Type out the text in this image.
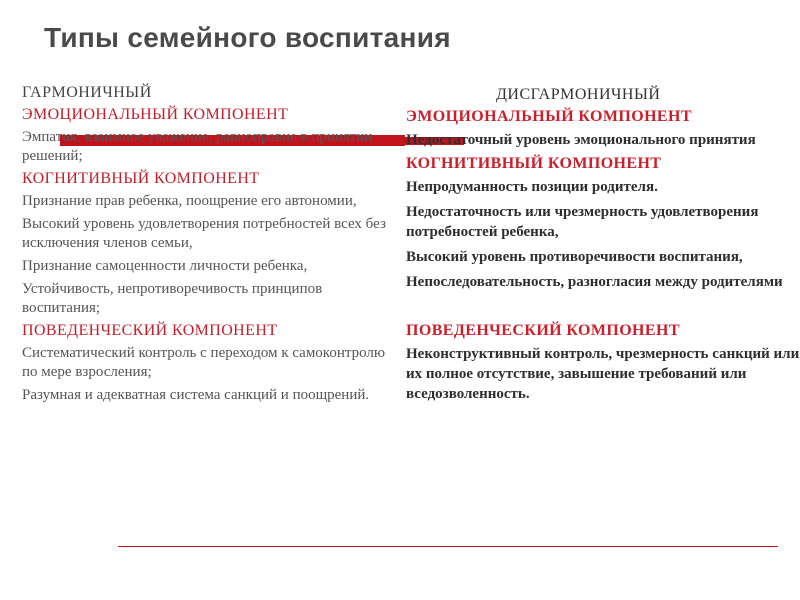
Типы семейного воспитания
ГАРМОНИЧНЫЙ
ЭМОЦИОНАЛЬНЫЙ КОМПОНЕНТ
Эмпатия, взаимное уважение, равноправие в принятии решений;
КОГНИТИВНЫЙ КОМПОНЕНТ
Признание прав ребенка, поощрение его автономии,
Высокий уровень удовлетворения потребностей всех без исключения членов семьи,
Признание самоценности личности ребенка,
Устойчивость, непротиворечивость принципов воспитания;
ПОВЕДЕНЧЕСКИЙ КОМПОНЕНТ
Систематический контроль с переходом к самоконтролю по мере взросления;
Разумная и адекватная система санкций и поощрений.
ДИСГАРМОНИЧНЫЙ
ЭМОЦИОНАЛЬНЫЙ КОМПОНЕНТ
Недостаточный уровень эмоционального принятия
КОГНИТИВНЫЙ КОМПОНЕНТ
Непродуманность позиции родителя.
Недостаточность или чрезмерность удовлетворения потребностей ребенка,
Высокий уровень противоречивости воспитания,
Непоследовательность, разногласия между родителями
ПОВЕДЕНЧЕСКИЙ КОМПОНЕНТ
Неконструктивный контроль, чрезмерность санкций или их полное отсутствие, завышение требований или вседозволенность.
